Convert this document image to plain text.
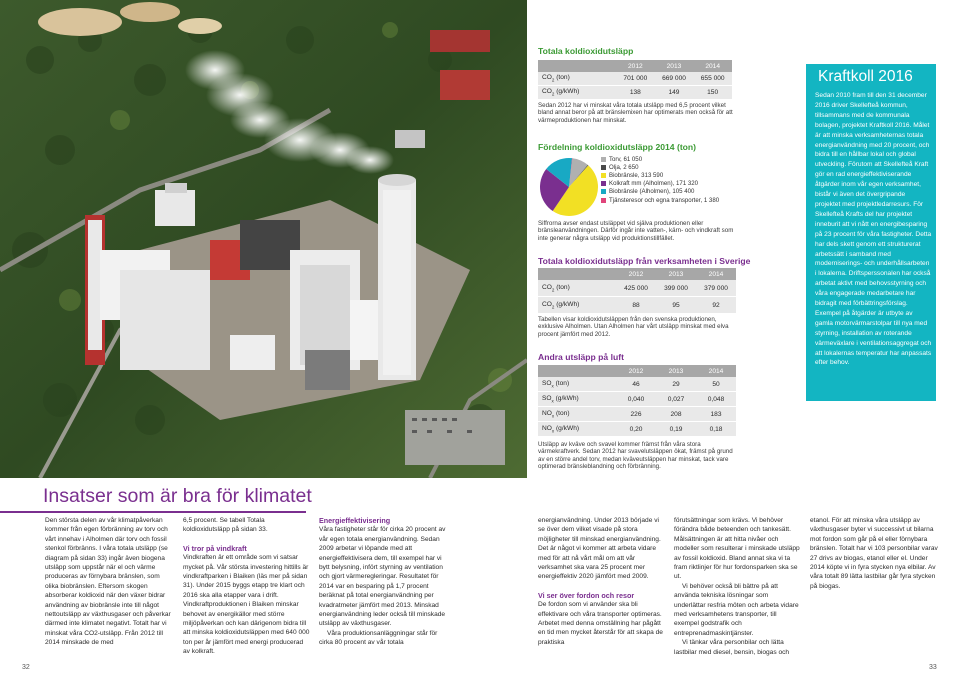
Totala koldioxidutsläpp
	2012	2013	2014
$CO_2$ (ton)	701 000	669 000	655 000
$CO_2$ (g/kWh)	138	149	150
Sedan 2012 har vi minskat våra totala utsläpp med 6,5 procent vilket bland annat beror på att bränslemixen har optimerats men också för att värmeproduktionen har minskat.
Fördelning koldioxidutsläpp 2014 (ton)
Torv, 61 050
Olja, 2 650
Biobränsle, 313 590
Kolkraft mm (Alholmen), 171 320
Biobränsle (Alholmen), 105 400
Tjänsteresor och egna transporter, 1 380
Siffrorna avser endast utsläppet vid själva produktionen eller bränsleanvändningen. Därför ingår inte vatten-, kärn- och vindkraft som inte generar några utsläpp vid produktionstillfället.
Totala koldioxidutsläpp från verksamheten i Sverige
	2012	2013	2014
$CO_2$ (ton)	425 000	399 000	379 000
$CO_2$ (g/kWh)	88	95	92
Tabellen visar koldioxidutsläppen från den svenska produktionen, exklusive Alholmen. Utan Alholmen har vårt utsläpp minskat med elva procent jämfört med 2012.
Andra utsläpp på luft
	2012	2013	2014
$SO_x$ (ton)	46	29	50
$SO_x$ (g/kWh)	0,040	0,027	0,048
$NO_x$ (ton)	226	208	183
$NO_x$ (g/kWh)	0,20	0,19	0,18
Utsläpp av kväve och svavel kommer främst från våra stora värmekraftverk. Sedan 2012 har svavelutsläppen ökat, främst på grund av en större andel torv, medan kväveutsläppen har minskat, tack vare optimerad bränsleblandning och förbränning.
Kraftkoll 2016
Sedan 2010 fram till den 31 december 2016 driver Skellefteå kommun, tillsammans med de kommunala bolagen, projektet Kraftkoll 2016. Målet är att minska verksamheternas totala energianvändning med 20 procent, och bidra till en hållbar lokal och global utveckling. Förutom att Skellefteå Kraft gör en rad energieffektiviserande åtgärder inom vår egen verksamhet, bistår vi även det övergripande projektet med projektledarresurs. För Skellefteå Krafts del har projektet inneburit att vi nått en energibesparing på 23 procent för våra fastigheter. Detta har dels skett genom ett strukturerat arbetssätt i samband med moderniserings- och underhållsarbeten i lokalerna. Driftsperssonalen har också arbetat aktivt med behovsstyrning och våra engagerade medarbetare har bidragit med förbättringsförslag. Exempel på åtgärder är utbyte av gamla motorvärmarstolpar till nya med styrning, installation av roterande värmeväxlare i ventilationsaggregat och att lokalernas temperatur har anpassats efter behov.
Insatser som är bra för klimatet

Den största delen av vår klimatpåverkan kommer från egen förbränning av torv och vårt innehav i Alholmen där torv och fossil stenkol förbränns. I våra totala utsläpp (se diagram på sidan 33) ingår även biogena utsläpp som uppstår när el och värme produceras av förnybara bränslen, som olika biobränslen. Eftersom skogen absorberar koldioxid när den växer bidrar användning av biobränsle inte till något nettoutsläpp av växthusgaser och påverkar därmed inte klimatet negativt. Totalt har vi minskat våra CO2-utsläpp. Från 2012 till 2014 minskade de med

6,5 procent. Se tabell Totala koldioxidutsläpp på sidan 33.

Vi tror på vindkraft

Vindkraften är ett område som vi satsar mycket på. Vår största investering hittills är vindkraftparken i Blaiken (läs mer på sidan 31). Under 2015 byggs etapp tre klart och 2016 ska alla etapper vara i drift. Vindkraftproduktionen i Blaiken minskar behovet av energikällor med större miljöpåverkan och kan därigenom bidra till att minska koldioxidutsläppen med 640 000 ton per år jämfört med energi producerad av kolkraft.

Energieffektivisering

Våra fastigheter står för cirka 20 procent av vår egen totala energianvändning. Sedan 2009 arbetar vi löpande med att energieffektivisera dem, till exempel har vi bytt belysning, infört styrning av ventilation och gjort värmeregleringar. Resultatet för 2014 var en besparing på 1,7 procent beräknat på total energianvändning per kvadratmeter jämfört med 2013. Minskad energianvändning leder också till minskade utsläpp av växthusgaser.

Våra produktionsanläggningar står för cirka 80 procent av vår totala

energianvändning. Under 2013 började vi se över dem vilket visade på stora möjligheter till minskad energianvändning. Det är något vi kommer att arbeta vidare med för att nå vårt mål om att vår verksamhet ska vara 25 procent mer energieffektiv 2020 jämfört med 2009.

Vi ser över fordon och resor

De fordon som vi använder ska bli effektivare och våra transporter optimeras. Arbetet med denna omställning har pågått en tid men mycket återstår för att skapa de praktiska

förutsättningar som krävs. Vi behöver förändra både beteenden och tankesätt. Målsättningen är att hitta nivåer och modeller som resulterar i minskade utsläpp av fossil koldioxid. Bland annat ska vi ta fram riktlinjer för hur fordonsparken ska se ut.

Vi behöver också bli bättre på att använda tekniska lösningar som underlättar resfria möten och arbeta vidare med verksamhetens transporter, till exempel godstrafik och entreprenadmaskintjänster.

Vi tänkar våra personbilar och lätta lastbilar med diesel, bensin, biogas och

etanol. För att minska våra utsläpp av växthusgaser byter vi successivt ut bilarna mot fordon som går på el eller förnybara bränslen. Totalt har vi 103 personbilar varav 27 drivs av biogas, etanol eller el. Under 2014 köpte vi in fyra stycken nya elbilar. Av våra totalt 89 lätta lastbilar går fyra stycken på biogas.

32	33
